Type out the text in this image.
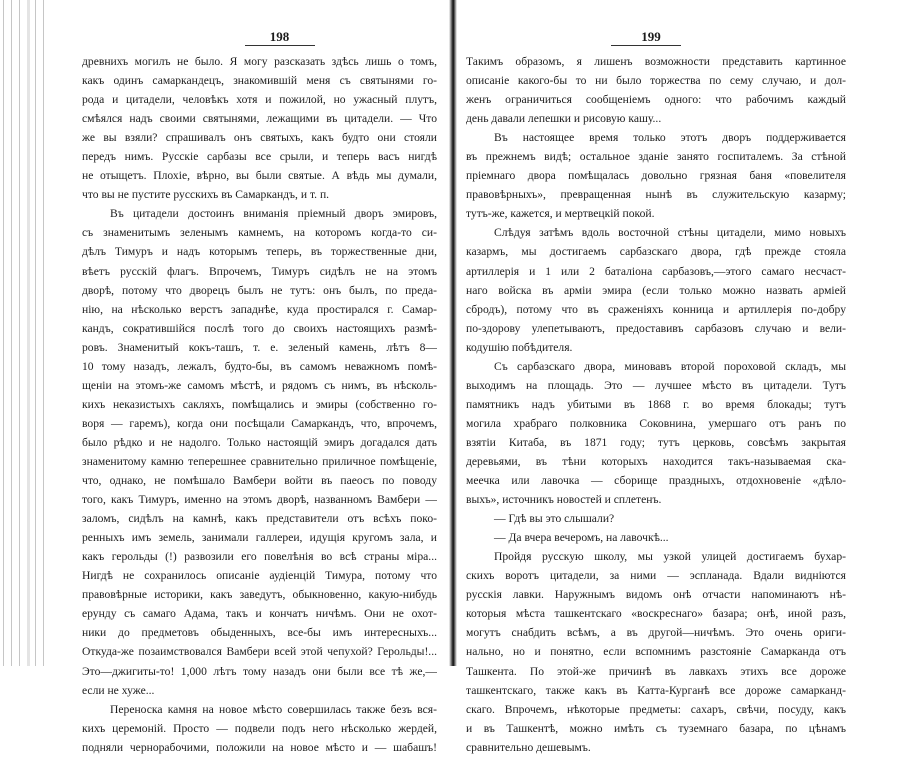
198
древнихъ могилъ не было. Я могу разсказать здѣсь лишь о томъ,
какъ одинъ самаркандецъ, знакомившій меня съ святынями го-
рода и цитадели, человѣкъ хотя и пожилой, но ужасный плутъ,
смѣялся надъ своими святынями, лежащими въ цитадели. — Что
же вы взяли? спрашивалъ онъ святыхъ, какъ будто они стояли
передъ нимъ. Русскіе сарбазы все срыли, и теперь васъ нигдѣ
не отыщетъ. Плохіе, вѣрно, вы были святые. А вѣдь мы думали,
что вы не пустите русскихъ въ Самаркандъ, и т. п.
Въ цитадели достоинъ вниманія пріемный дворъ эмировъ,
съ знаменитымъ зеленымъ камнемъ, на которомъ когда-то си-
дѣлъ Тимуръ и надъ которымъ теперь, въ торжественные дни,
вѣетъ русскій флагъ. Впрочемъ, Тимуръ сидѣлъ не на этомъ
дворѣ, потому что дворецъ былъ не тутъ: онъ былъ, по преда-
нію, на нѣсколько верстъ западнѣе, куда простирался г. Самар-
кандъ, сократившійся послѣ того до своихъ настоящихъ размѣ-
ровъ. Знаменитый кокъ-ташъ, т. е. зеленый камень, лѣтъ 8—
10 тому назадъ, лежалъ, будто-бы, въ самомъ неважномъ помѣ-
щеніи на этомъ-же самомъ мѣстѣ, и рядомъ съ нимъ, въ нѣсколь-
кихъ неказистыхъ сакляхъ, помѣщались и эмиры (собственно го-
воря — гаремъ), когда они посѣщали Самаркандъ, что, впрочемъ,
было рѣдко и не надолго. Только настоящій эмиръ догадался дать
знаменитому камню теперешнее сравнительно приличное помѣщеніе,
что, однако, не помѣшало Вамбери войти въ паеосъ по поводу
того, какъ Тимуръ, именно на этомъ дворѣ, названномъ Вамбери —
заломъ, сидѣлъ на камнѣ, какъ представители отъ всѣхъ поко-
ренныхъ имъ земель, занимали галлереи, идущія кругомъ зала, и
какъ герольды (!) развозили его повелѣнія во всѣ страны міра...
Нигдѣ не сохранилось описаніе аудіенцій Тимура, потому что
правовѣрные историки, какъ заведутъ, обыкновенно, какую-нибудь
ерунду съ самаго Адама, такъ и кончатъ ничѣмъ. Они не охот-
ники до предметовъ обыденныхъ, все-бы имъ интересныхъ...
Откуда-же позаимствовался Вамбери всей этой чепухой? Герольды!...
Это—джигиты-то! 1,000 лѣтъ тому назадъ они были все тѣ же,—
если не хуже...
Переноска камня на новое мѣсто совершилась также безъ вся-
кихъ церемоній. Просто — подвели подъ него нѣсколько жердей,
подняли чернорабочими, положили на новое мѣсто и — шабашъ!
199
Такимъ образомъ, я лишенъ возможности представить картинное
описаніе какого-бы то ни было торжества по сему случаю, и дол-
женъ ограничиться сообщеніемъ одного: что рабочимъ каждый
день давали лепешки и рисовую кашу...
Въ настоящее время только этотъ дворъ поддерживается
въ прежнемъ видѣ; остальное зданіе занято госпиталемъ. За стѣной
пріемнаго двора помѣщалась довольно грязная баня «повелителя
правовѣрныхъ», превращенная нынѣ въ служительскую казарму;
тутъ-же, кажется, и мертвецкій покой.
Слѣдуя затѣмъ вдоль восточной стѣны цитадели, мимо новыхъ
казармъ, мы достигаемъ сарбазскаго двора, гдѣ прежде стояла
артиллерія и 1 или 2 баталіона сарбазовъ,—этого самаго несчаст-
наго войска въ арміи эмира (если только можно назвать арміей
сбродъ), потому что въ сраженіяхъ конница и артиллерія по-добру
по-здорову улепетываютъ, предоставивъ сарбазовъ случаю и вели-
кодушію побѣдителя.
Съ сарбазскаго двора, миновавъ второй пороховой складъ, мы
выходимъ на площадь. Это — лучшее мѣсто въ цитадели. Тутъ
памятникъ надъ убитыми въ 1868 г. во время блокады; тутъ
могила храбраго полковника Соковнина, умершаго отъ ранъ по
взятіи Китаба, въ 1871 году; тутъ церковь, совсѣмъ закрытая
деревьями, въ тѣни которыхъ находится такъ-называемая ска-
меечка или лавочка — сборище праздныхъ, отдохновеніе «дѣло-
выхъ», источникъ новостей и сплетенъ.
— Гдѣ вы это слышали?
— Да вчера вечеромъ, на лавочкѣ...
Пройдя русскую школу, мы узкой улицей достигаемъ бухар-
скихъ воротъ цитадели, за ними — эспланада. Вдали видніются
русскія лавки. Наружнымъ видомъ онѣ отчасти напоминаютъ нѣ-
которыя мѣста ташкентскаго «воскреснаго» базара; онѣ, иной разъ,
могутъ снабдить всѣмъ, а въ другой—ничѣмъ. Это очень ориги-
нально, но и понятно, если вспомнимъ разстояніе Самарканда отъ
Ташкента. По этой-же причинѣ въ лавкахъ этихъ все дороже
ташкентскаго, также какъ въ Катта-Курганѣ все дороже самарканд-
скаго. Впрочемъ, нѣкоторые предметы: сахаръ, свѣчи, посуду, какъ
и въ Ташкентѣ, можно имѣть съ туземнаго базара, по цѣнамъ
сравнительно дешевымъ.
